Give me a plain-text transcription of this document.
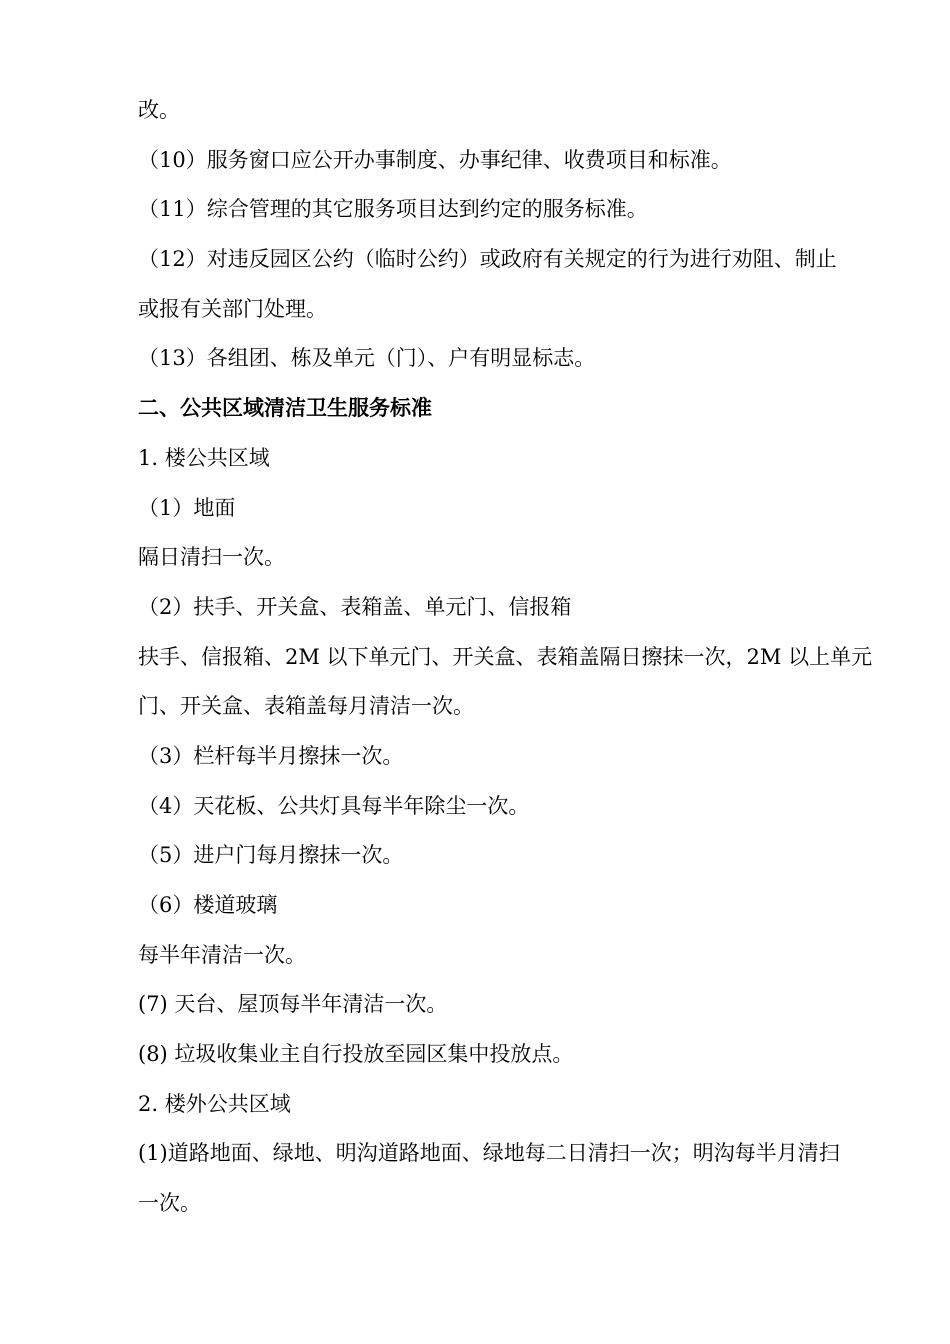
改。
（10）服务窗口应公开办事制度、办事纪律、收费项目和标准。
（11）综合管理的其它服务项目达到约定的服务标准。
（12）对违反园区公约（临时公约）或政府有关规定的行为进行劝阻、制止
或报有关部门处理。
（13）各组团、栋及单元（门）、户有明显标志。
二、公共区域清洁卫生服务标准
1. 楼公共区域
（1）地面
隔日清扫一次。
（2）扶手、开关盒、表箱盖、单元门、信报箱
扶手、信报箱、2M 以下单元门、开关盒、表箱盖隔日擦抹一次，2M 以上单元
门、开关盒、表箱盖每月清洁一次。
（3）栏杆每半月擦抹一次。
（4）天花板、公共灯具每半年除尘一次。
（5）进户门每月擦抹一次。
（6）楼道玻璃
每半年清洁一次。
(7) 天台、屋顶每半年清洁一次。
(8) 垃圾收集业主自行投放至园区集中投放点。
2. 楼外公共区域
(1)道路地面、绿地、明沟道路地面、绿地每二日清扫一次；明沟每半月清扫
一次。
